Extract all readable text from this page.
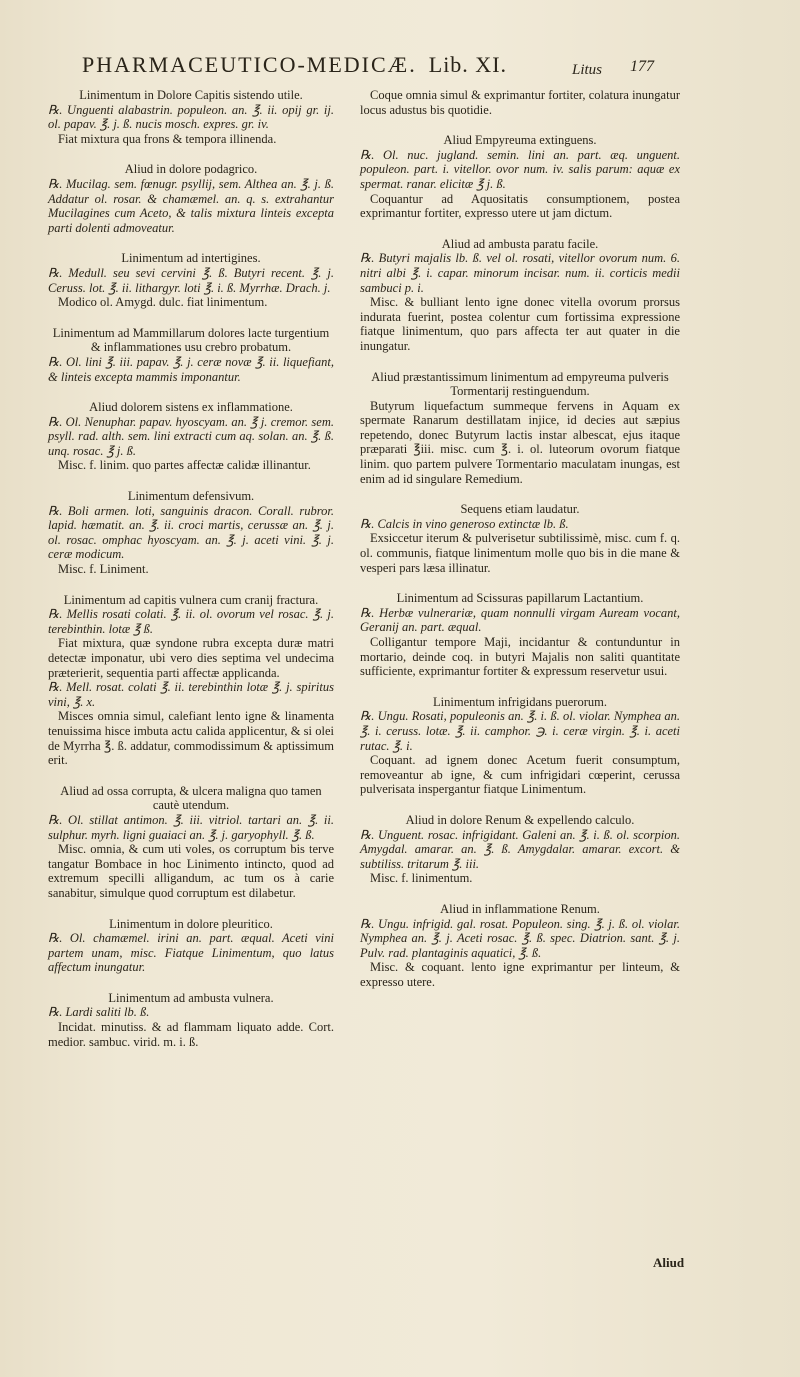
PHARMACEUTICO-MEDICÆ. Lib. XI.	Litus 177

Linimentum in Dolore Capitis sistendo utile.

℞. Unguenti alabastrin. populeon. an. ℥. ii. opij gr. ij. ol. papav. ℥. j. ß. nucis mosch. expres. gr. iv.

Fiat mixtura qua frons & tempora illinenda.

Aliud in dolore podagrico.

℞. Mucilag. sem. fœnugr. psyllij, sem. Althea an. ℥. j. ß. Addatur ol. rosar. & chamæmel. an. q. s. extrahantur Mucilagines cum Aceto, & talis mixtura linteis excepta parti dolenti admoveatur.

Linimentum ad intertigines.

℞. Medull. seu sevi cervini ℥. ß. Butyri recent. ℥. j. Ceruss. lot. ℥. ii. lithargyr. loti ℥. i. ß. Myrrhæ. Drach. j.

Modico ol. Amygd. dulc. fiat linimentum.

Linimentum ad Mammillarum dolores lacte turgentium & inflammationes usu crebro probatum.

℞. Ol. lini ℥. iii. papav. ℥. j. ceræ novæ ℥. ii. liquefiant, & linteis excepta mammis imponantur.

Aliud dolorem sistens ex inflammatione.

℞. Ol. Nenuphar. papav. hyoscyam. an. ℥ j. cremor. sem. psyll. rad. alth. sem. lini extracti cum aq. solan. an. ℥. ß. unq. rosac. ℥ j. ß.

Misc. f. linim. quo partes affectæ calidæ illinantur.

Linimentum defensivum.

℞. Boli armen. loti, sanguinis dracon. Corall. rubror. lapid. hæmatit. an. ℥. ii. croci martis, cerussæ an. ℥. j. ol. rosac. omphac hyoscyam. an. ℥. j. aceti vini. ℥. j. ceræ modicum.

Misc. f. Liniment.

Linimentum ad capitis vulnera cum cranij fractura.

℞. Mellis rosati colati. ℥. ii. ol. ovorum vel rosac. ℥. j. terebinthin. lotæ ℥ ß.

Fiat mixtura, quæ syndone rubra excepta duræ matri detectæ imponatur, ubi vero dies septima vel undecima præterierit, sequentia parti affectæ applicanda.

℞. Mell. rosat. colati ℥. ii. terebinthin lotæ ℥. j. spiritus vini, ℥. x.

Misces omnia simul, calefiant lento igne & linamenta tenuissima hisce imbuta actu calida applicentur, & si olei de Myrrha ℥. ß. addatur, commodissimum & aptissimum erit.

Aliud ad ossa corrupta, & ulcera maligna quo tamen cautè utendum.

℞. Ol. stillat antimon. ℥. iii. vitriol. tartari an. ℥. ii. sulphur. myrh. ligni guaiaci an. ℥. j. garyophyll. ℥. ß.

Misc. omnia, & cum uti voles, os corruptum bis terve tangatur Bombace in hoc Linimento intincto, quod ad extremum specilli alligandum, ac tum os à carie sanabitur, simulque quod corruptum est dilabetur.

Linimentum in dolore pleuritico.

℞. Ol. chamæmel. irini an. part. æqual. Aceti vini partem unam, misc. Fiatque Linimentum, quo latus affectum inungatur.

Linimentum ad ambusta vulnera.

℞. Lardi saliti lb. ß.

Incidat. minutiss. & ad flammam liquato adde. Cort. medior. sambuc. virid. m. i. ß.

Coque omnia simul & exprimantur fortiter, colatura inungatur locus adustus bis quotidie.

Aliud Empyreuma extinguens.

℞. Ol. nuc. jugland. semin. lini an. part. æq. unguent. populeon. part. i. vitellor. ovor num. iv. salis parum: aquæ ex spermat. ranar. elicitæ ℥ j. ß.

Coquantur ad Aquositatis consumptionem, postea exprimantur fortiter, expresso utere ut jam dictum.

Aliud ad ambusta paratu facile.

℞. Butyri majalis lb. ß. vel ol. rosati, vitellor ovorum num. 6. nitri albi ℥. i. capar. minorum incisar. num. ii. corticis medii sambuci p. i.

Misc. & bulliant lento igne donec vitella ovorum prorsus indurata fuerint, postea colentur cum fortissima expressione fiatque linimentum, quo pars affecta ter aut quater in die inungatur.

Aliud præstantissimum linimentum ad empyreuma pulveris Tormentarij restinguendum.

Butyrum liquefactum summeque fervens in Aquam ex spermate Ranarum destillatam injice, id decies aut sæpius repetendo, donec Butyrum lactis instar albescat, ejus itaque præparati ℥iii. misc. cum ℥. i. ol. luteorum ovorum fiatque linim. quo partem pulvere Tormentario maculatam inungas, est enim ad id singulare Remedium.

Sequens etiam laudatur.

℞. Calcis in vino generoso extinctæ lb. ß.

Exsiccetur iterum & pulverisetur subtilissimè, misc. cum f. q. ol. communis, fiatque linimentum molle quo bis in die mane & vesperi pars læsa illinatur.

Linimentum ad Scissuras papillarum Lactantium.

℞. Herbæ vulnerariæ, quam nonnulli virgam Auream vocant, Geranij an. part. æqual.

Colligantur tempore Maji, incidantur & contunduntur in mortario, deinde coq. in butyri Majalis non saliti quantitate sufficiente, exprimantur fortiter & expressum reservetur usui.

Linimentum infrigidans puerorum.

℞. Ungu. Rosati, populeonis an. ℥. i. ß. ol. violar. Nymphea an. ℥. i. ceruss. lotæ. ℥. ii. camphor. ℈. i. ceræ virgin. ℥. i. aceti rutac. ℥. i.

Coquant. ad ignem donec Acetum fuerit consumptum, removeantur ab igne, & cum infrigidari cœperint, cerussa pulverisata inspergantur fiatque Linimentum.

Aliud in dolore Renum & expellendo calculo.

℞. Unguent. rosac. infrigidant. Galeni an. ℥. i. ß. ol. scorpion. Amygdal. amarar. an. ℥. ß. Amygdalar. amarar. excort. & subtiliss. tritarum ℥. iii.

Misc. f. linimentum.

Aliud in inflammatione Renum.

℞. Ungu. infrigid. gal. rosat. Populeon. sing. ℥. j. ß. ol. violar. Nymphea an. ℥. j. Aceti rosac. ℥. ß. spec. Diatrion. sant. ℥. j. Pulv. rad. plantaginis aquatici, ℥. ß.

Misc. & coquant. lento igne exprimantur per linteum, & expresso utere.

Aliud
